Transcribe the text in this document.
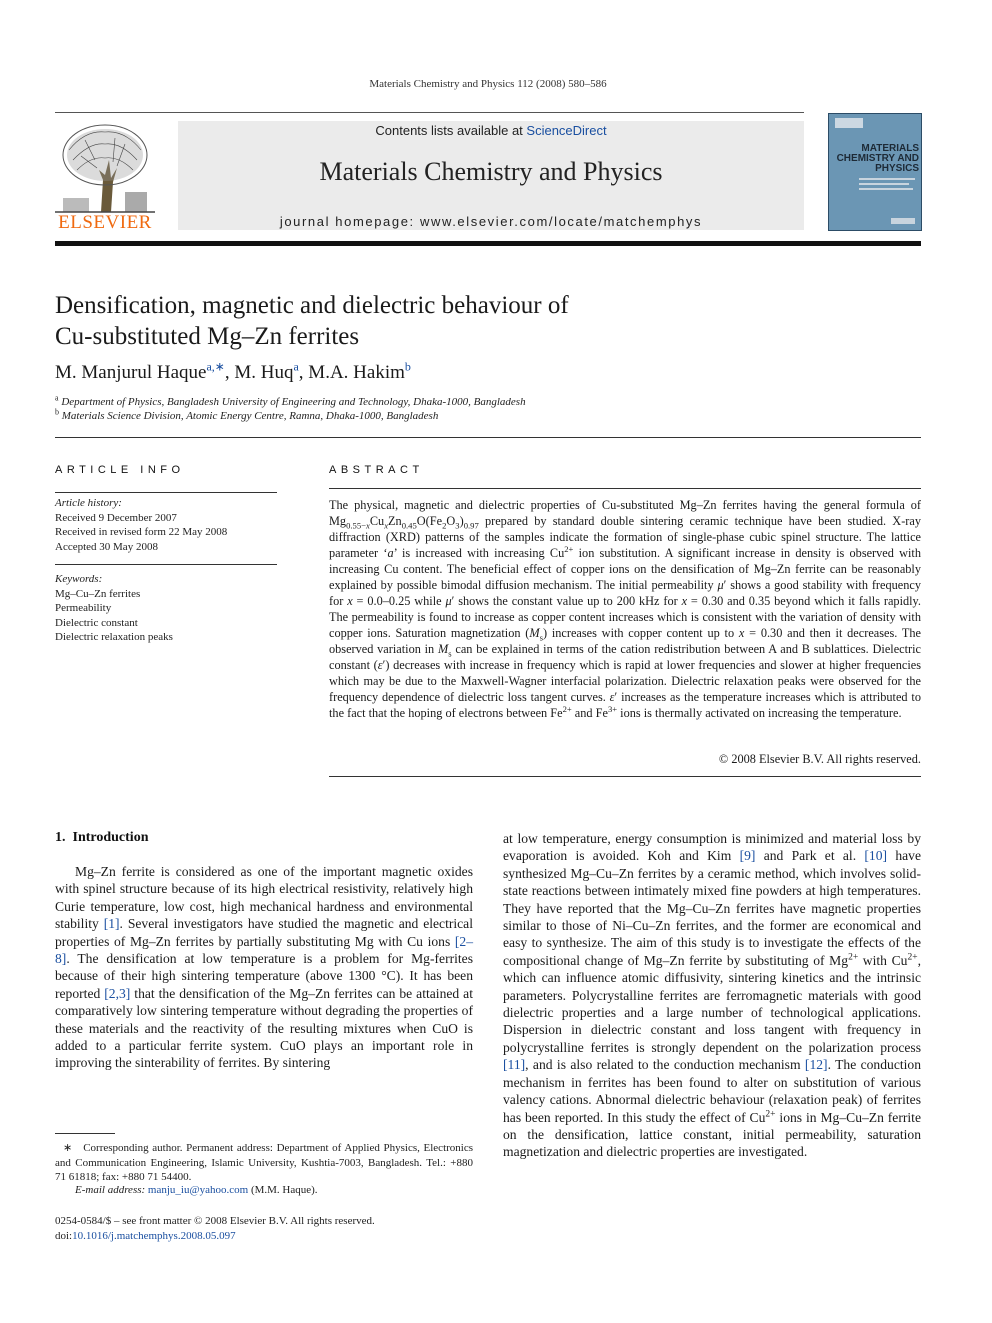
Materials Chemistry and Physics 112 (2008) 580–586
ELSEVIER
Contents lists available at ScienceDirect
Materials Chemistry and Physics
journal homepage: www.elsevier.com/locate/matchemphys
MATERIALS
CHEMISTRY AND
PHYSICS
Densification, magnetic and dielectric behaviour of
Cu-substituted Mg–Zn ferrites
M. Manjurul Haque$^{a,∗}$, M. Huq$^a$, M.A. Hakim$^b$
$^a$ Department of Physics, Bangladesh University of Engineering and Technology, Dhaka-1000, Bangladesh
$^b$ Materials Science Division, Atomic Energy Centre, Ramna, Dhaka-1000, Bangladesh
ARTICLE INFO
Article history:
Received 9 December 2007
Received in revised form 22 May 2008
Accepted 30 May 2008
Keywords:
Mg–Cu–Zn ferrites
Permeability
Dielectric constant
Dielectric relaxation peaks
ABSTRACT
The physical, magnetic and dielectric properties of Cu-substituted Mg–Zn ferrites having the general formula of $Mg_{0.55-x}Cu_xZn_{0.45}O(Fe_2O_3)_{0.97}$ prepared by standard double sintering ceramic technique have been studied. X-ray diffraction (XRD) patterns of the samples indicate the formation of single-phase cubic spinel structure. The lattice parameter ‘a’ is increased with increasing $Cu^{2+}$ ion substitution. A significant increase in density is observed with increasing Cu content. The beneficial effect of copper ions on the densification of Mg–Zn ferrite can be reasonably explained by possible bimodal diffusion mechanism. The initial permeability μ′ shows a good stability with frequency for x = 0.0–0.25 while μ′ shows the constant value up to 200 kHz for x = 0.30 and 0.35 beyond which it falls rapidly. The permeability is found to increase as copper content increases which is consistent with the variation of density with copper ions. Saturation magnetization $(M_s)$ increases with copper content up to x = 0.30 and then it decreases. The observed variation in $M_s$ can be explained in terms of the cation redistribution between A and B sublattices. Dielectric constant (ε′) decreases with increase in frequency which is rapid at lower frequencies and slower at higher frequencies which may be due to the Maxwell-Wagner interfacial polarization. Dielectric relaxation peaks were observed for the frequency dependence of dielectric loss tangent curves. ε′ increases as the temperature increases which is attributed to the fact that the hoping of electrons between $Fe^{2+}$ and $Fe^{3+}$ ions is thermally activated on increasing the temperature.
© 2008 Elsevier B.V. All rights reserved.
1. Introduction
Mg–Zn ferrite is considered as one of the important magnetic oxides with spinel structure because of its high electrical resistivity, relatively high Curie temperature, low cost, high mechanical hardness and environmental stability [1]. Several investigators have studied the magnetic and electrical properties of Mg–Zn ferrites by partially substituting Mg with Cu ions [2–8]. The densification at low temperature is a problem for Mg-ferrites because of their high sintering temperature (above 1300 °C). It has been reported [2,3] that the densification of the Mg–Zn ferrites can be attained at comparatively low sintering temperature without degrading the properties of these materials and the reactivity of the resulting mixtures when CuO is added to a particular ferrite system. CuO plays an important role in improving the sinterability of ferrites. By sintering
∗ Corresponding author. Permanent address: Department of Applied Physics, Electronics and Communication Engineering, Islamic University, Kushtia-7003, Bangladesh. Tel.: +880 71 61818; fax: +880 71 54400.
E-mail address: manju_iu@yahoo.com (M.M. Haque).
0254-0584/$ – see front matter © 2008 Elsevier B.V. All rights reserved.
doi:10.1016/j.matchemphys.2008.05.097
at low temperature, energy consumption is minimized and material loss by evaporation is avoided. Koh and Kim [9] and Park et al. [10] have synthesized Mg–Cu–Zn ferrites by a ceramic method, which involves solid-state reactions between intimately mixed fine powders at high temperatures. They have reported that the Mg–Cu–Zn ferrites have magnetic properties similar to those of Ni–Cu–Zn ferrites, and the former are economical and easy to synthesize. The aim of this study is to investigate the effects of the compositional change of Mg–Zn ferrite by substituting of $Mg^{2+}$ with $Cu^{2+}$, which can influence atomic diffusivity, sintering kinetics and the intrinsic parameters. Polycrystalline ferrites are ferromagnetic materials with good dielectric properties and a large number of technological applications. Dispersion in dielectric constant and loss tangent with frequency in polycrystalline ferrites is strongly dependent on the polarization process [11], and is also related to the conduction mechanism [12]. The conduction mechanism in ferrites has been found to alter on substitution of various valency cations. Abnormal dielectric behaviour (relaxation peak) of ferrites has been reported. In this study the effect of $Cu^{2+}$ ions in Mg–Cu–Zn ferrite on the densification, lattice constant, initial permeability, saturation magnetization and dielectric properties are investigated.
